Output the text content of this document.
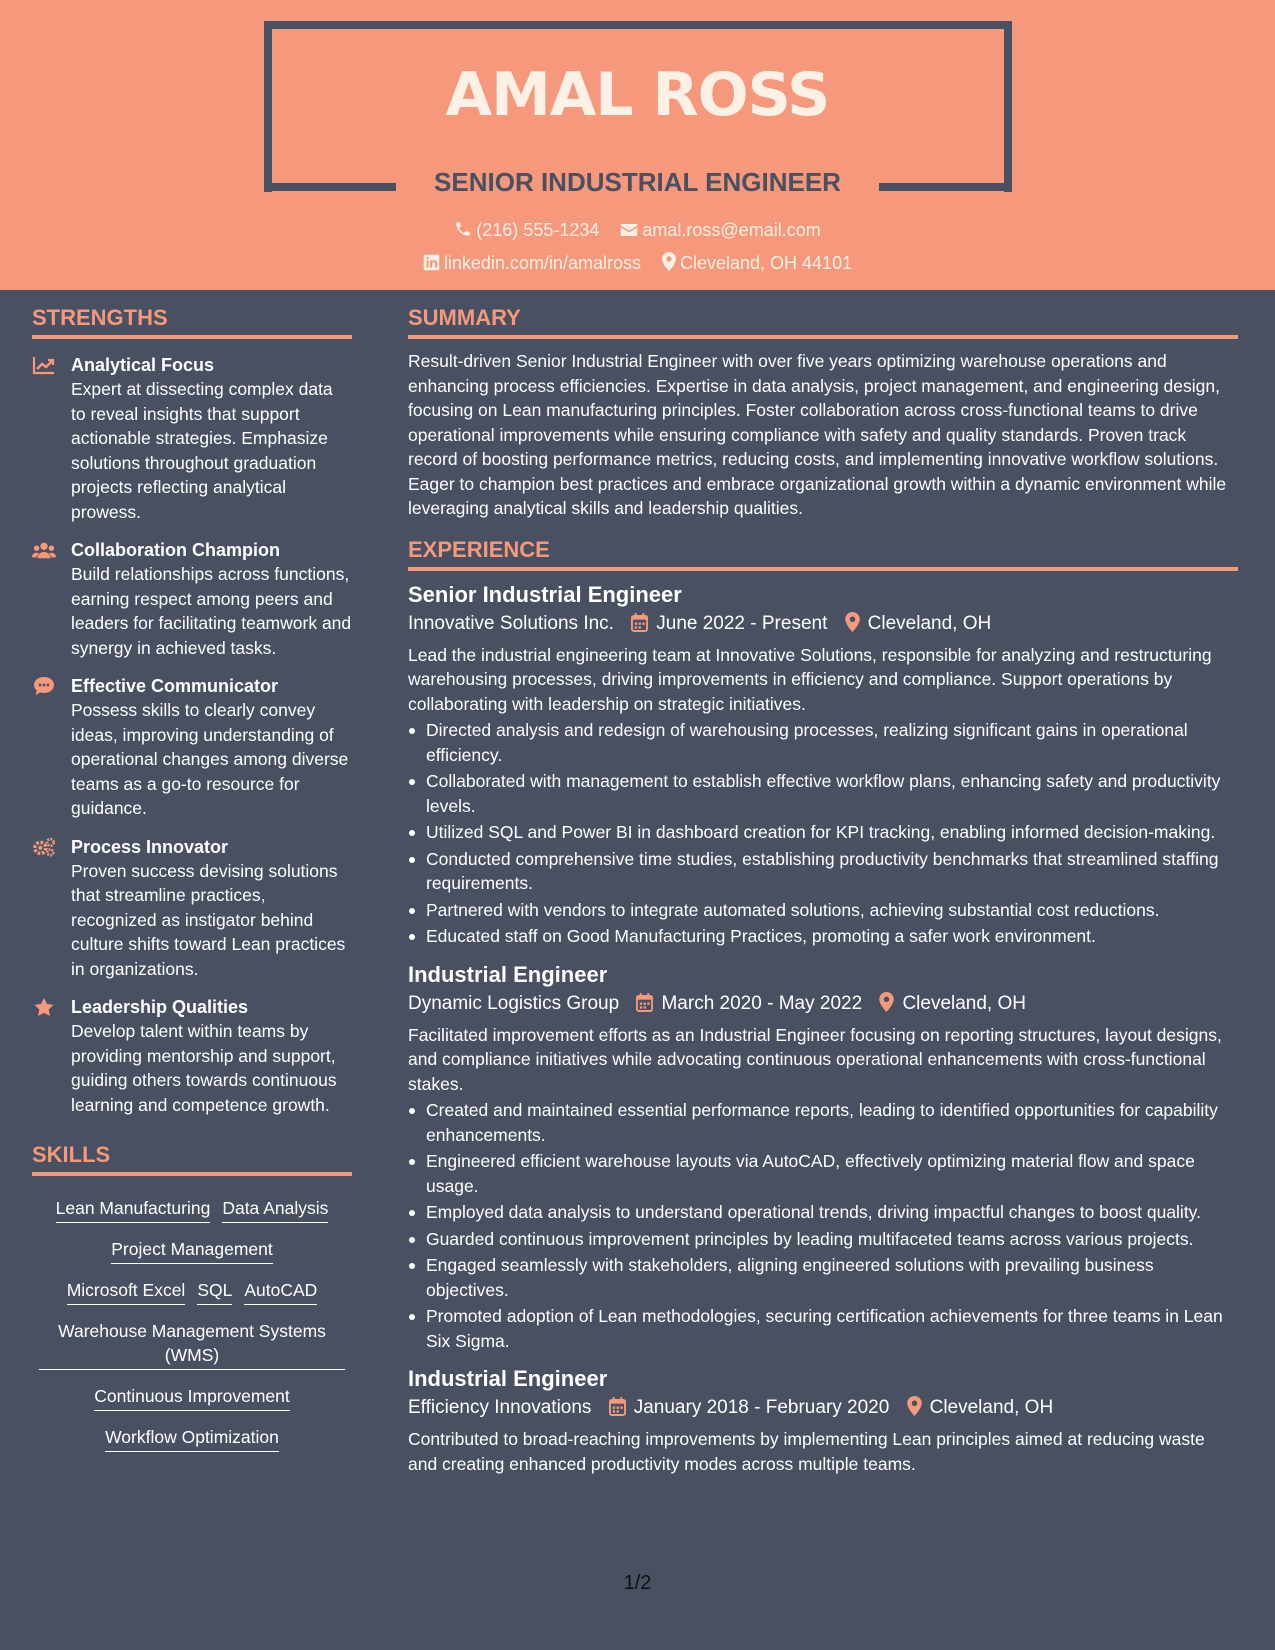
AMAL ROSS
SENIOR INDUSTRIAL ENGINEER
(216) 555-1234 amal.ross@email.com
linkedin.com/in/amalross Cleveland, OH 44101
STRENGTHS
Analytical Focus
Expert at dissecting complex data to reveal insights that support actionable strategies. Emphasize solutions throughout graduation projects reflecting analytical prowess.
Collaboration Champion
Build relationships across functions, earning respect among peers and leaders for facilitating teamwork and synergy in achieved tasks.
Effective Communicator
Possess skills to clearly convey ideas, improving understanding of operational changes among diverse teams as a go-to resource for guidance.
Process Innovator
Proven success devising solutions that streamline practices, recognized as instigator behind culture shifts toward Lean practices in organizations.
Leadership Qualities
Develop talent within teams by providing mentorship and support, guiding others towards continuous learning and competence growth.
SKILLS
Lean Manufacturing Data Analysis
Project Management
Microsoft Excel SQL AutoCAD
Warehouse Management Systems (WMS)
Continuous Improvement
Workflow Optimization
SUMMARY
Result-driven Senior Industrial Engineer with over five years optimizing warehouse operations and enhancing process efficiencies. Expertise in data analysis, project management, and engineering design, focusing on Lean manufacturing principles. Foster collaboration across cross-functional teams to drive operational improvements while ensuring compliance with safety and quality standards. Proven track record of boosting performance metrics, reducing costs, and implementing innovative workflow solutions. Eager to champion best practices and embrace organizational growth within a dynamic environment while leveraging analytical skills and leadership qualities.
EXPERIENCE
Senior Industrial Engineer
Innovative Solutions Inc. June 2022 - Present Cleveland, OH
Lead the industrial engineering team at Innovative Solutions, responsible for analyzing and restructuring warehousing processes, driving improvements in efficiency and compliance. Support operations by collaborating with leadership on strategic initiatives.
Directed analysis and redesign of warehousing processes, realizing significant gains in operational efficiency.
Collaborated with management to establish effective workflow plans, enhancing safety and productivity levels.
Utilized SQL and Power BI in dashboard creation for KPI tracking, enabling informed decision-making.
Conducted comprehensive time studies, establishing productivity benchmarks that streamlined staffing requirements.
Partnered with vendors to integrate automated solutions, achieving substantial cost reductions.
Educated staff on Good Manufacturing Practices, promoting a safer work environment.
Industrial Engineer
Dynamic Logistics Group March 2020 - May 2022 Cleveland, OH
Facilitated improvement efforts as an Industrial Engineer focusing on reporting structures, layout designs, and compliance initiatives while advocating continuous operational enhancements with cross-functional stakes.
Created and maintained essential performance reports, leading to identified opportunities for capability enhancements.
Engineered efficient warehouse layouts via AutoCAD, effectively optimizing material flow and space usage.
Employed data analysis to understand operational trends, driving impactful changes to boost quality.
Guarded continuous improvement principles by leading multifaceted teams across various projects.
Engaged seamlessly with stakeholders, aligning engineered solutions with prevailing business objectives.
Promoted adoption of Lean methodologies, securing certification achievements for three teams in Lean Six Sigma.
Industrial Engineer
Efficiency Innovations January 2018 - February 2020 Cleveland, OH
Contributed to broad-reaching improvements by implementing Lean principles aimed at reducing waste and creating enhanced productivity modes across multiple teams.
1/2
